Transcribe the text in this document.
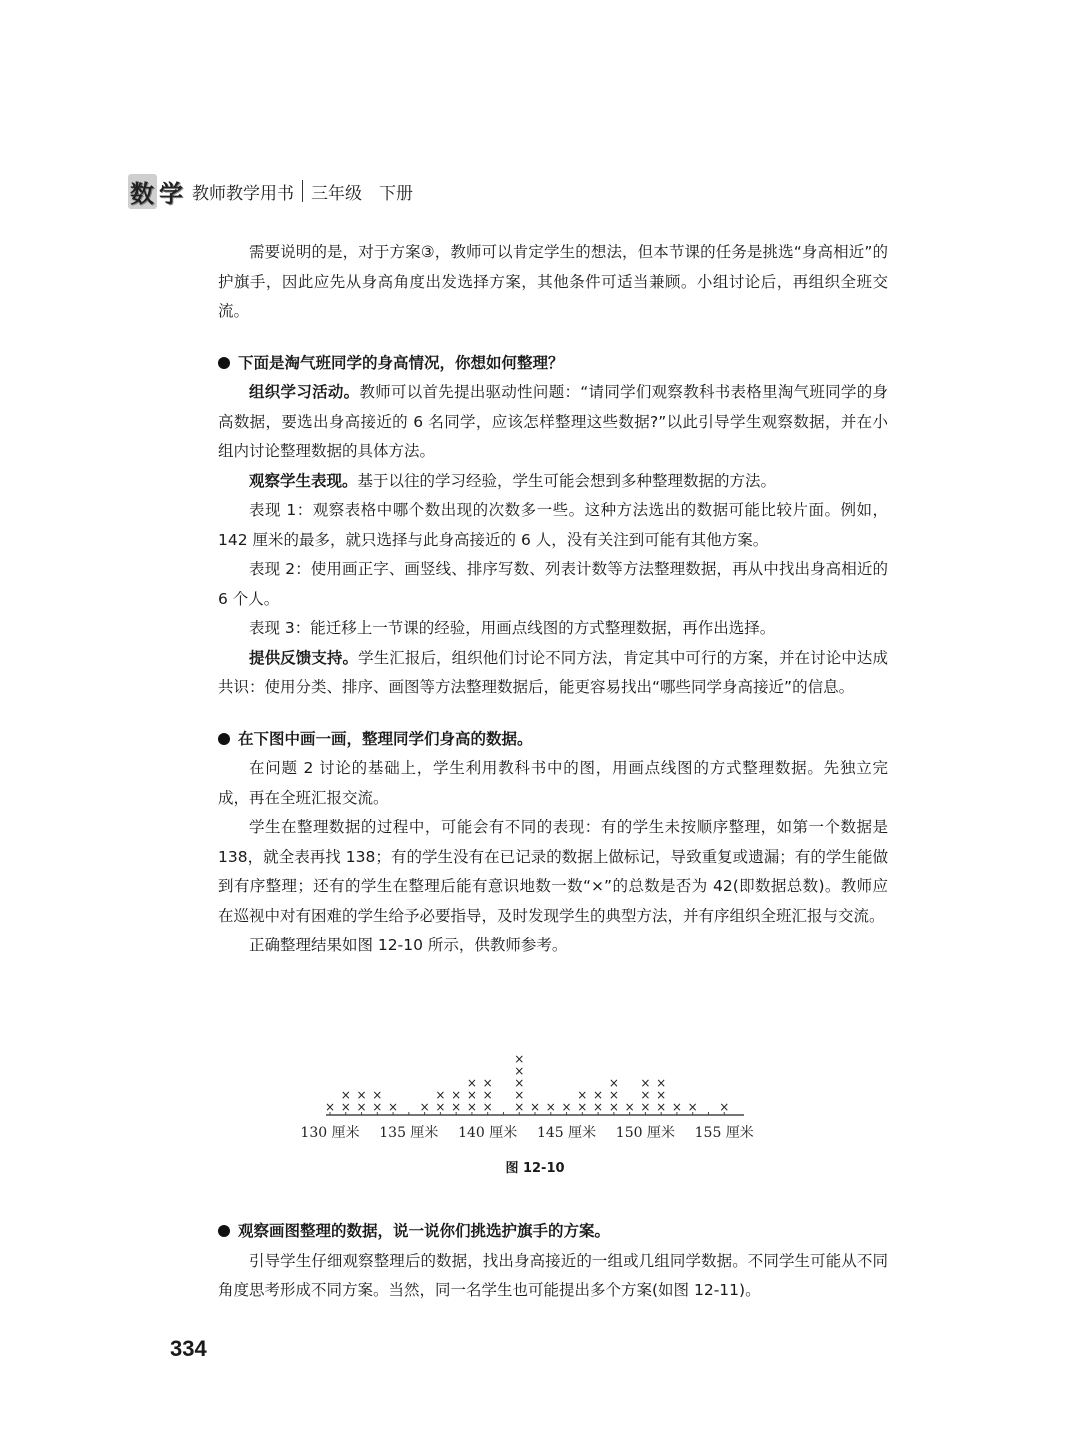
数 学 教师教学用书 三年级　下册

需要说明的是，对于方案③，教师可以肯定学生的想法，但本节课的任务是挑选“身高相近”的护旗手，因此应先从身高角度出发选择方案，其他条件可适当兼顾。小组讨论后，再组织全班交流。

下面是淘气班同学的身高情况，你想如何整理？

组织学习活动。教师可以首先提出驱动性问题：“请同学们观察教科书表格里淘气班同学的身高数据，要选出身高接近的 6 名同学，应该怎样整理这些数据?”以此引导学生观察数据，并在小组内讨论整理数据的具体方法。

观察学生表现。基于以往的学习经验，学生可能会想到多种整理数据的方法。

表现 1：观察表格中哪个数出现的次数多一些。这种方法选出的数据可能比较片面。例如，142 厘米的最多，就只选择与此身高接近的 6 人，没有关注到可能有其他方案。

表现 2：使用画正字、画竖线、排序写数、列表计数等方法整理数据，再从中找出身高相近的 6 个人。

表现 3：能迁移上一节课的经验，用画点线图的方式整理数据，再作出选择。

提供反馈支持。学生汇报后，组织他们讨论不同方法，肯定其中可行的方案，并在讨论中达成共识：使用分类、排序、画图等方法整理数据后，能更容易找出“哪些同学身高接近”的信息。

在下图中画一画，整理同学们身高的数据。

在问题 2 讨论的基础上，学生利用教科书中的图，用画点线图的方式整理数据。先独立完成，再在全班汇报交流。

学生在整理数据的过程中，可能会有不同的表现：有的学生未按顺序整理，如第一个数据是 138，就全表再找 138；有的学生没有在已记录的数据上做标记，导致重复或遗漏；有的学生能做到有序整理；还有的学生在整理后能有意识地数一数“×”的总数是否为 42(即数据总数)。教师应在巡视中对有困难的学生给予必要指导，及时发现学生的典型方法，并有序组织全班汇报与交流。

正确整理结果如图 12-10 所示，供教师参考。

× ×
×
×
×
×
×
× × ×
×
×
×
×
×
×
×
×
×
×
×
×
×
×
× × × ×
×
×
×
×
×
×
× ×
×
×
×
×
×
× × ×
130 厘米 135 厘米 140 厘米 145 厘米 150 厘米 155 厘米
图 12-10

观察画图整理的数据，说一说你们挑选护旗手的方案。

引导学生仔细观察整理后的数据，找出身高接近的一组或几组同学数据。不同学生可能从不同角度思考形成不同方案。当然，同一名学生也可能提出多个方案(如图 12-11)。

334
